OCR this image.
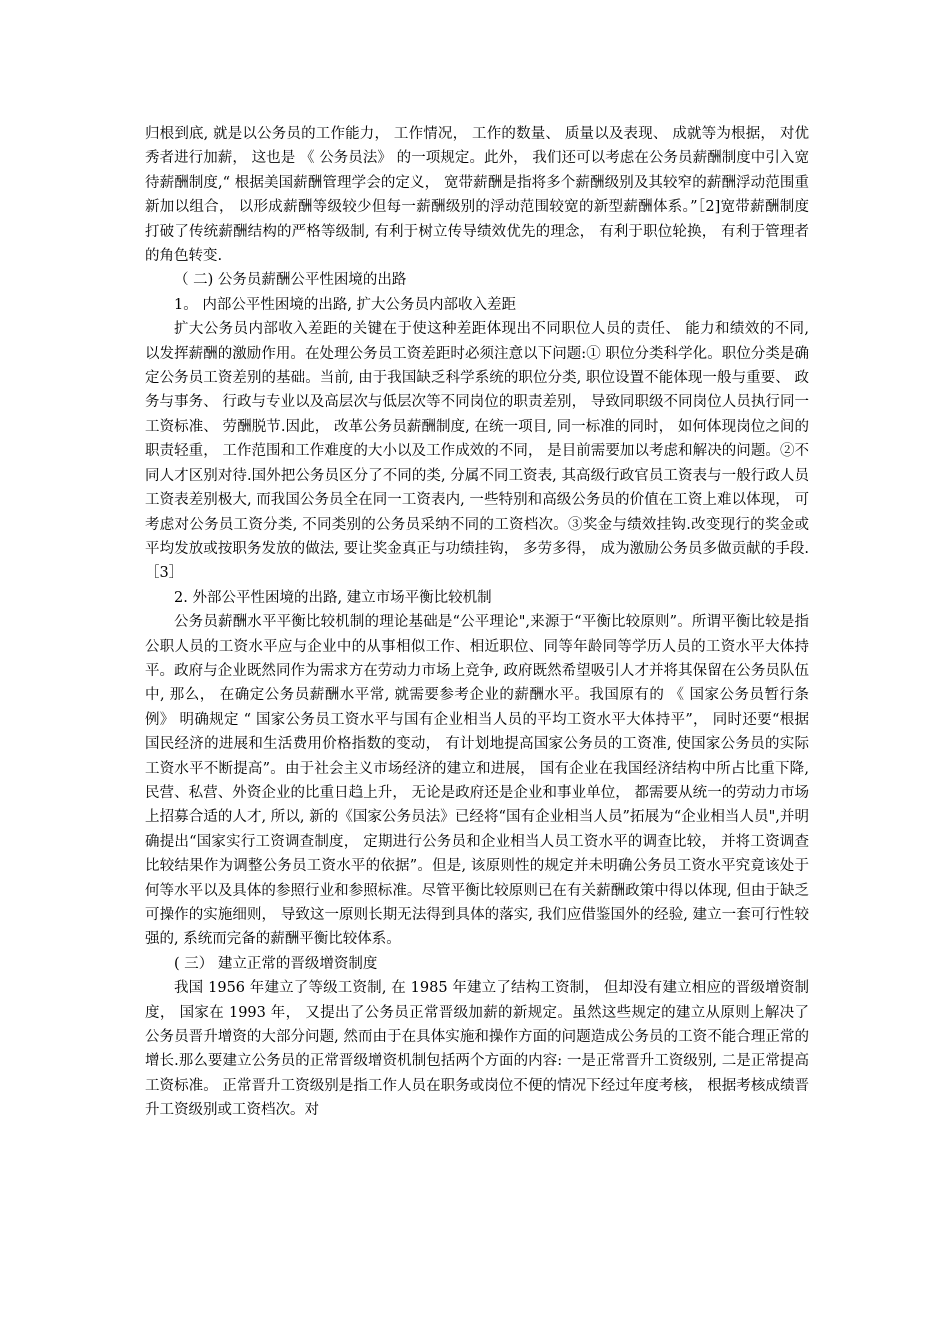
归根到底, 就是以公务员的工作能力， 工作情况， 工作的数量、 质量以及表现、 成就等为根据， 对优秀者进行加薪， 这也是 《 公务员法》 的一项规定。此外， 我们还可以考虑在公务员薪酬制度中引入宽待薪酬制度,“ 根据美国薪酬管理学会的定义， 宽带薪酬是指将多个薪酬级别及其较窄的薪酬浮动范围重新加以组合， 以形成薪酬等级较少但每一薪酬级别的浮动范围较宽的新型薪酬体系。”［2]宽带薪酬制度打破了传统薪酬结构的严格等级制, 有利于树立传导绩效优先的理念， 有利于职位轮换， 有利于管理者的角色转变.

（ 二) 公务员薪酬公平性困境的出路

1。 内部公平性困境的出路, 扩大公务员内部收入差距

扩大公务员内部收入差距的关键在于使这种差距体现出不同职位人员的责任、 能力和绩效的不同, 以发挥薪酬的激励作用。在处理公务员工资差距时必须注意以下问题:① 职位分类科学化。职位分类是确定公务员工资差别的基础。当前, 由于我国缺乏科学系统的职位分类, 职位设置不能体现一般与重要、 政务与事务、 行政与专业以及高层次与低层次等不同岗位的职责差别， 导致同职级不同岗位人员执行同一工资标准、 劳酬脱节.因此， 改革公务员薪酬制度, 在统一项目, 同一标准的同时， 如何体现岗位之间的职责轻重， 工作范围和工作难度的大小以及工作成效的不同， 是目前需要加以考虑和解决的问题。②不同人才区别对待.国外把公务员区分了不同的类, 分属不同工资表, 其高级行政官员工资表与一般行政人员工资表差别极大, 而我国公务员全在同一工资表内, 一些特别和高级公务员的价值在工资上难以体现， 可考虑对公务员工资分类, 不同类别的公务员采纳不同的工资档次。③奖金与绩效挂钩.改变现行的奖金或平均发放或按职务发放的做法, 要让奖金真正与功绩挂钩， 多劳多得， 成为激励公务员多做贡献的手段.［3］

2. 外部公平性困境的出路, 建立市场平衡比较机制

公务员薪酬水平平衡比较机制的理论基础是“公平理论",来源于“平衡比较原则”。所谓平衡比较是指公职人员的工资水平应与企业中的从事相似工作、相近职位、同等年龄同等学历人员的工资水平大体持平。政府与企业既然同作为需求方在劳动力市场上竞争, 政府既然希望吸引人才并将其保留在公务员队伍中, 那么， 在确定公务员薪酬水平常, 就需要参考企业的薪酬水平。我国原有的 《 国家公务员暂行条例》 明确规定 “ 国家公务员工资水平与国有企业相当人员的平均工资水平大体持平”， 同时还要“根据国民经济的进展和生活费用价格指数的变动， 有计划地提高国家公务员的工资准, 使国家公务员的实际工资水平不断提高”。由于社会主义市场经济的建立和进展， 国有企业在我国经济结构中所占比重下降, 民营、私营、外资企业的比重日趋上升， 无论是政府还是企业和事业单位， 都需要从统一的劳动力市场上招募合适的人才, 所以, 新的《国家公务员法》已经将“国有企业相当人员”拓展为“企业相当人员",并明确提出“国家实行工资调查制度， 定期进行公务员和企业相当人员工资水平的调查比较， 并将工资调查比较结果作为调整公务员工资水平的依据”。但是, 该原则性的规定并未明确公务员工资水平究竟该处于何等水平以及具体的参照行业和参照标准。尽管平衡比较原则已在有关薪酬政策中得以体现, 但由于缺乏可操作的实施细则， 导致这一原则长期无法得到具体的落实, 我们应借鉴国外的经验, 建立一套可行性较强的, 系统而完备的薪酬平衡比较体系。

( 三） 建立正常的晋级增资制度

我国 1956 年建立了等级工资制, 在 1985 年建立了结构工资制， 但却没有建立相应的晋级增资制度， 国家在 1993 年， 又提出了公务员正常晋级加薪的新规定。虽然这些规定的建立从原则上解决了公务员晋升增资的大部分问题, 然而由于在具体实施和操作方面的问题造成公务员的工资不能合理正常的增长.那么要建立公务员的正常晋级增资机制包括两个方面的内容: 一是正常晋升工资级别, 二是正常提高工资标准。 正常晋升工资级别是指工作人员在职务或岗位不便的情况下经过年度考核， 根据考核成绩晋升工资级别或工资档次。对
